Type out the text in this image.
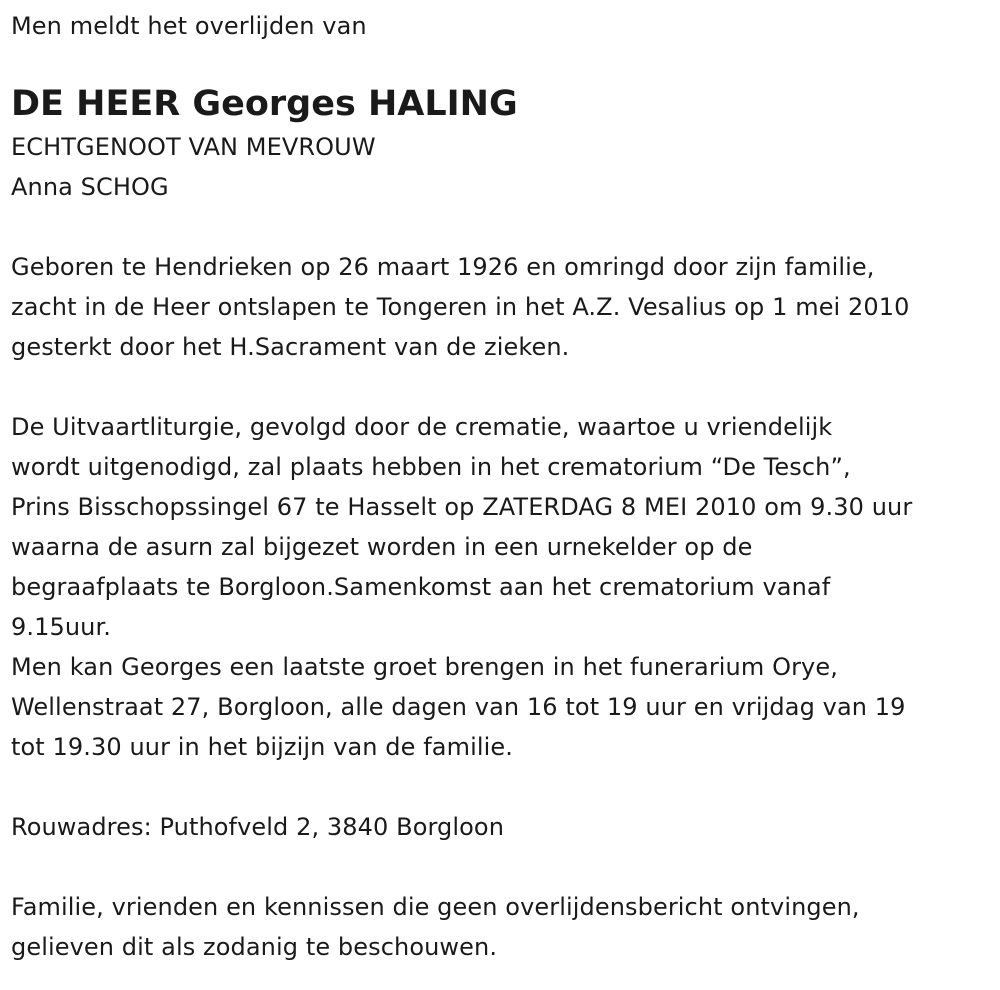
Men meldt het overlijden van
DE HEER Georges HALING
ECHTGENOOT VAN MEVROUW
Anna SCHOG
Geboren te Hendrieken op 26 maart 1926 en omringd door zijn familie,
zacht in de Heer ontslapen te Tongeren in het A.Z. Vesalius op 1 mei 2010
gesterkt door het H.Sacrament van de zieken.
De Uitvaartliturgie, gevolgd door de crematie, waartoe u vriendelijk
wordt uitgenodigd, zal plaats hebben in het crematorium “De Tesch”,
Prins Bisschopssingel 67 te Hasselt op ZATERDAG 8 MEI 2010 om 9.30 uur
waarna de asurn zal bijgezet worden in een urnekelder op de
begraafplaats te Borgloon.Samenkomst aan het crematorium vanaf
9.15uur.
Men kan Georges een laatste groet brengen in het funerarium Orye,
Wellenstraat 27, Borgloon, alle dagen van 16 tot 19 uur en vrijdag van 19
tot 19.30 uur in het bijzijn van de familie.
Rouwadres: Puthofveld 2, 3840 Borgloon
Familie, vrienden en kennissen die geen overlijdensbericht ontvingen,
gelieven dit als zodanig te beschouwen.
